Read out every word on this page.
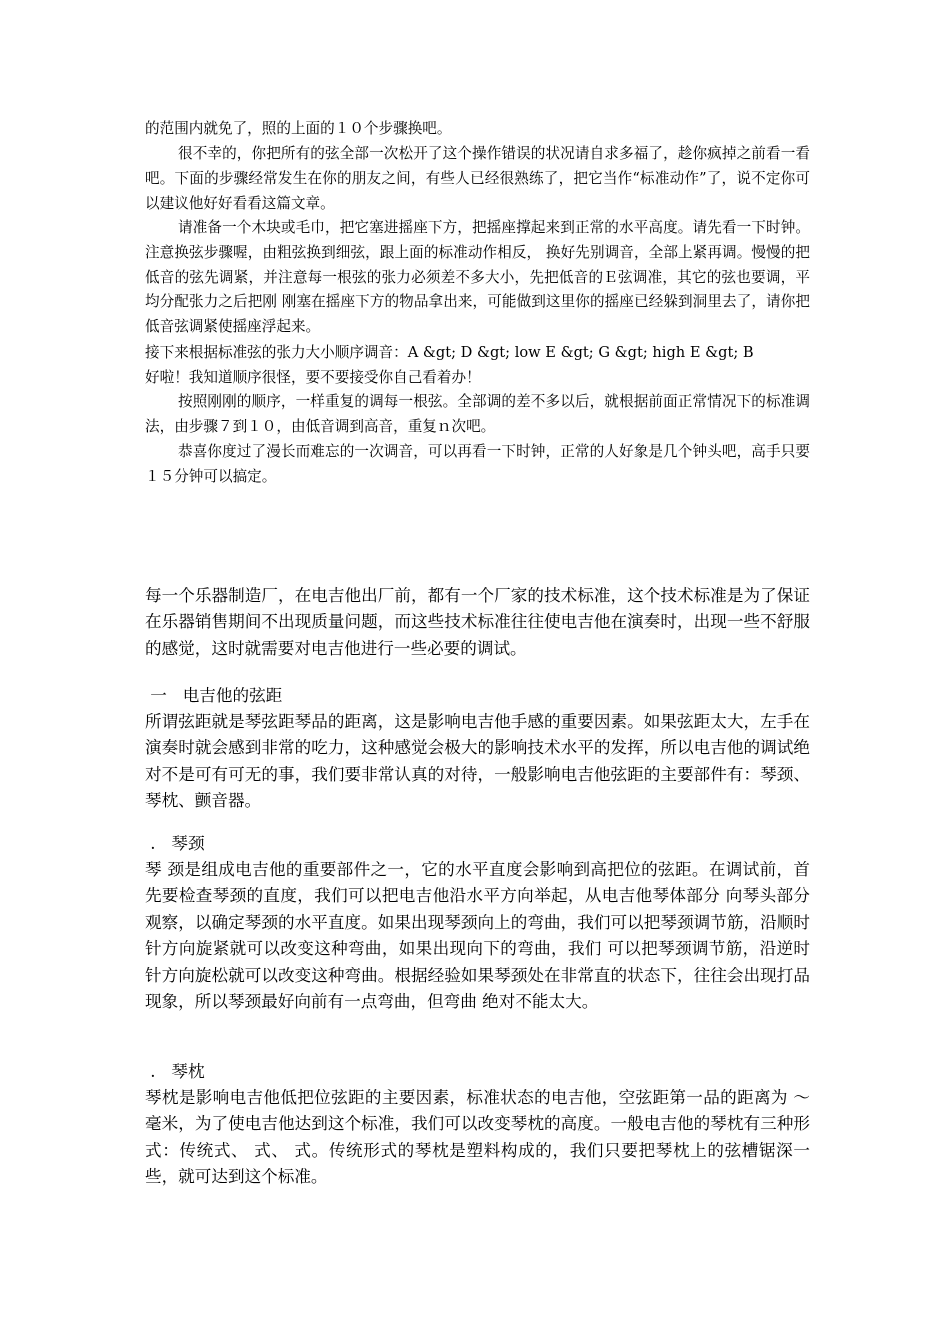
的范围内就免了，照的上面的１０个步骤换吧。
很不幸的，你把所有的弦全部一次松开了这个操作错误的状况请自求多福了，趁你疯掉之前看一看吧。下面的步骤经常发生在你的朋友之间，有些人已经很熟练了，把它当作“标准动作”了，说不定你可以建议他好好看看这篇文章。
请准备一个木块或毛巾，把它塞进摇座下方，把摇座撑起来到正常的水平高度。请先看一下时钟。注意换弦步骤喔，由粗弦换到细弦，跟上面的标准动作相反， 换好先别调音，全部上紧再调。慢慢的把低音的弦先调紧，并注意每一根弦的张力必须差不多大小，先把低音的Ｅ弦调准，其它的弦也要调，平均分配张力之后把刚 刚塞在摇座下方的物品拿出来，可能做到这里你的摇座已经躲到洞里去了，请你把低音弦调紧使摇座浮起来。
接下来根据标准弦的张力大小顺序调音：A &gt; D &gt; low E &gt; G &gt; high E &gt; B
好啦！我知道顺序很怪，要不要接受你自己看着办！
按照刚刚的顺序，一样重复的调每一根弦。全部调的差不多以后，就根据前面正常情况下的标准调法，由步骤７到１０，由低音调到高音，重复ｎ次吧。
恭喜你度过了漫长而难忘的一次调音，可以再看一下时钟，正常的人好象是几个钟头吧，高手只要１５分钟可以搞定。
每一个乐器制造厂，在电吉他出厂前，都有一个厂家的技术标准，这个技术标准是为了保证在乐器销售期间不出现质量问题，而这些技术标准往往使电吉他在演奏时，出现一些不舒服的感觉，这时就需要对电吉他进行一些必要的调试。
一   电吉他的弦距
所谓弦距就是琴弦距琴品的距离，这是影响电吉他手感的重要因素。如果弦距太大，左手在演奏时就会感到非常的吃力，这种感觉会极大的影响技术水平的发挥，所以电吉他的调试绝对不是可有可无的事，我们要非常认真的对待，一般影响电吉他弦距的主要部件有：琴颈、琴枕、颤音器。
.   琴颈
琴 颈是组成电吉他的重要部件之一，它的水平直度会影响到高把位的弦距。在调试前，首先要检查琴颈的直度，我们可以把电吉他沿水平方向举起，从电吉他琴体部分 向琴头部分观察，以确定琴颈的水平直度。如果出现琴颈向上的弯曲，我们可以把琴颈调节筋，沿顺时针方向旋紧就可以改变这种弯曲，如果出现向下的弯曲，我们 可以把琴颈调节筋，沿逆时针方向旋松就可以改变这种弯曲。根据经验如果琴颈处在非常直的状态下，往往会出现打品现象，所以琴颈最好向前有一点弯曲，但弯曲 绝对不能太大。
.   琴枕
琴枕是影响电吉他低把位弦距的主要因素，标准状态的电吉他，空弦距第一品的距离为 ～ 毫米，为了使电吉他达到这个标准，我们可以改变琴枕的高度。一般电吉他的琴枕有三种形式：传统式、 式、 式。传统形式的琴枕是塑料构成的，我们只要把琴枕上的弦槽锯深一些，就可达到这个标准。
